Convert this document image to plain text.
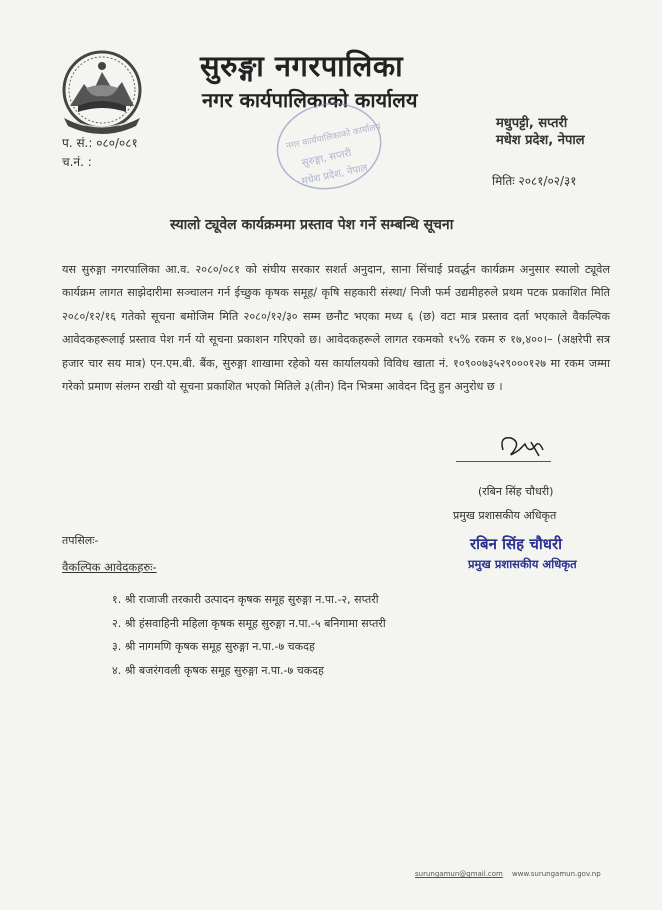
सुरुङ्गा नगरपालिका
नगर कार्यपालिकाको कार्यालय
मधुपट्टी, सप्तरी
मधेश प्रदेश, नेपाल
प. सं.: ०८०/०८१
च.नं. :
मितिः २०८१/०२/३१
नगर कार्यपालिकाको कार्यालय
सुरुङ्गा, सप्तरी
मधेश प्रदेश, नेपाल
स्यालो ट्यूवेल कार्यक्रममा प्रस्ताव पेश गर्ने सम्बन्धि सूचना
यस सुरुङ्गा नगरपालिका आ.व. २०८०/०८१ को संघीय सरकार सशर्त अनुदान, साना सिंचाई प्रवर्द्धन कार्यक्रम अनुसार स्यालो ट्यूवेल कार्यक्रम लागत साझेदारीमा सञ्चालन गर्न ईच्छुक कृषक समूह/ कृषि सहकारी संस्था/ निजी फर्म उद्यमीहरुले प्रथम पटक प्रकाशित मिति २०८०/१२/१६ गतेको सूचना बमोजिम मिति २०८०/१२/३० सम्म छनौट भएका मध्य ६ (छ) वटा मात्र प्रस्ताव दर्ता भएकाले वैकल्पिक आवेदकहरूलाई प्रस्ताव पेश गर्न यो सूचना प्रकाशन गरिएको छ। आवेदकहरूले लागत रकमको १५% रकम रु १७,४००।– (अक्षरेपी सत्र हजार चार सय मात्र) एन.एम.बी. बैंक, सुरुङ्गा शाखामा रहेको यस कार्यालयको विविध खाता नं. १०९००७३५२९०००१२७ मा रकम जम्मा गरेको प्रमाण संलग्न राखी यो सूचना प्रकाशित भएको मितिले ३(तीन) दिन भित्रमा आवेदन दिनु हुन अनुरोध छ ।
(रबिन सिंह चौधरी)
प्रमुख प्रशासकीय अधिकृत
रबिन सिंह चौधरी
प्रमुख प्रशासकीय अधिकृत
तपसिलः-
वैकल्पिक आवेदकहरुः-
१. श्री राजाजी तरकारी उत्पादन कृषक समूह सुरुङ्गा न.पा.-२, सप्तरी
२. श्री हंसवाहिनी महिला कृषक समूह सुरुङ्गा न.पा.-५ बनिगामा सप्तरी
३. श्री नागमणि कृषक समूह सुरुङ्गा न.पा.-७ चकदह
४. श्री बजरंगवली कृषक समूह सुरुङ्गा न.पा.-७ चकदह
surungamun@gmail.com www.surungamun.gov.np
